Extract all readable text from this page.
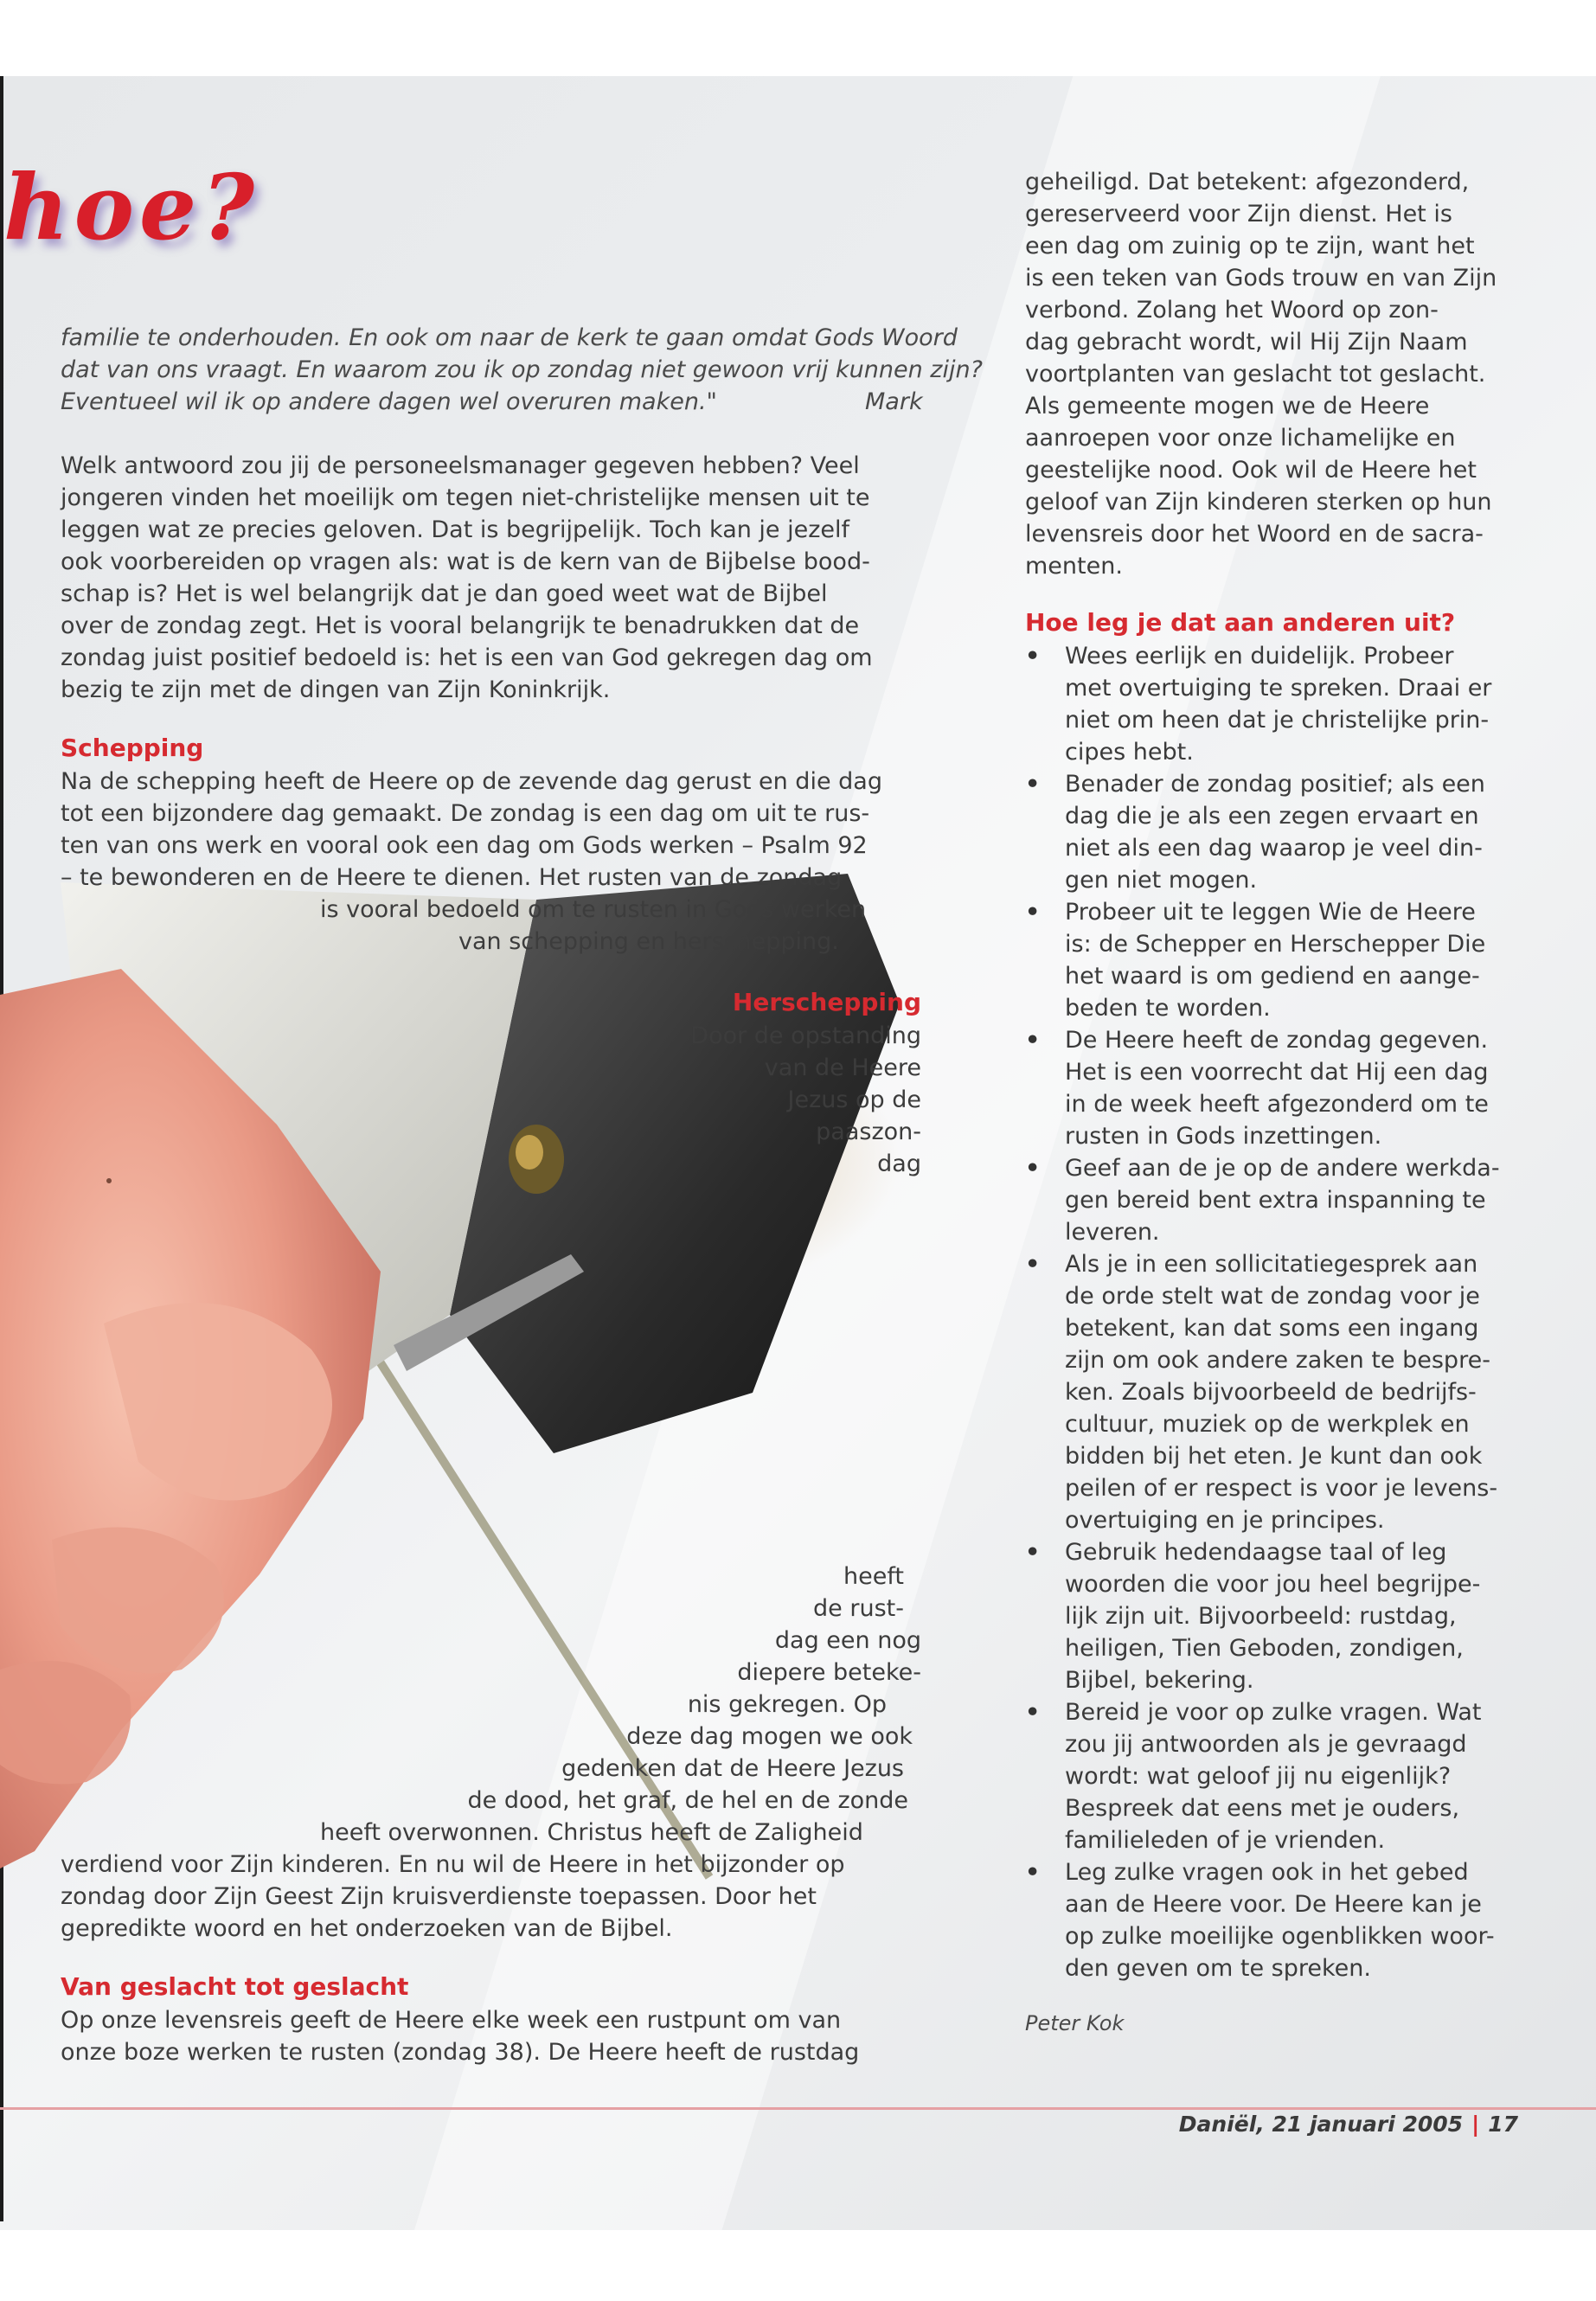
hoe?
familie te onderhouden. En ook om naar de kerk te gaan omdat Gods Woord
dat van ons vraagt. En waarom zou ik op zondag niet gewoon vrij kunnen zijn?
Eventueel wil ik op andere dagen wel overuren maken."	Mark
Welk antwoord zou jij de personeelsmanager gegeven hebben? Veel
jongeren vinden het moeilijk om tegen niet-christelijke mensen uit te
leggen wat ze precies geloven. Dat is begrijpelijk. Toch kan je jezelf
ook voorbereiden op vragen als: wat is de kern van de Bijbelse bood-
schap is? Het is wel belangrijk dat je dan goed weet wat de Bijbel
over de zondag zegt. Het is vooral belangrijk te benadrukken dat de
zondag juist positief bedoeld is: het is een van God gekregen dag om
bezig te zijn met de dingen van Zijn Koninkrijk.
Schepping
Na de schepping heeft de Heere op de zevende dag gerust en die dag
tot een bijzondere dag gemaakt. De zondag is een dag om uit te rus-
ten van ons werk en vooral ook een dag om Gods werken – Psalm 92
– te bewonderen en de Heere te dienen. Het rusten van de zondag
is vooral bedoeld om te rusten in Gods werken
van schepping en herschepping.
Herschepping
Door de opstanding
van de Heere
Jezus op de
paaszon-
dag
heeft
de rust-
dag een nog
diepere beteke-
nis gekregen. Op
deze dag mogen we ook
gedenken dat de Heere Jezus
de dood, het graf, de hel en de zonde
heeft overwonnen. Christus heeft de Zaligheid
verdiend voor Zijn kinderen. En nu wil de Heere in het bijzonder op
zondag door Zijn Geest Zijn kruisverdienste toepassen. Door het
gepredikte woord en het onderzoeken van de Bijbel.
Van geslacht tot geslacht
Op onze levensreis geeft de Heere elke week een rustpunt om van
onze boze werken te rusten (zondag 38). De Heere heeft de rustdag
geheiligd. Dat betekent: afgezonderd,
gereserveerd voor Zijn dienst. Het is
een dag om zuinig op te zijn, want het
is een teken van Gods trouw en van Zijn
verbond. Zolang het Woord op zon-
dag gebracht wordt, wil Hij Zijn Naam
voortplanten van geslacht tot geslacht.
Als gemeente mogen we de Heere
aanroepen voor onze lichamelijke en
geestelijke nood. Ook wil de Heere het
geloof van Zijn kinderen sterken op hun
levensreis door het Woord en de sacra-
menten.
Hoe leg je dat aan anderen uit?
•	Wees eerlijk en duidelijk. Probeer
met overtuiging te spreken. Draai er
niet om heen dat je christelijke prin-
cipes hebt.
•	Benader de zondag positief; als een
dag die je als een zegen ervaart en
niet als een dag waarop je veel din-
gen niet mogen.
•	Probeer uit te leggen Wie de Heere
is: de Schepper en Herschepper Die
het waard is om gediend en aange-
beden te worden.
•	De Heere heeft de zondag gegeven.
Het is een voorrecht dat Hij een dag
in de week heeft afgezonderd om te
rusten in Gods inzettingen.
•	Geef aan de je op de andere werkda-
gen bereid bent extra inspanning te
leveren.
•	Als je in een sollicitatiegesprek aan
de orde stelt wat de zondag voor je
betekent, kan dat soms een ingang
zijn om ook andere zaken te bespre-
ken. Zoals bijvoorbeeld de bedrijfs-
cultuur, muziek op de werkplek en
bidden bij het eten. Je kunt dan ook
peilen of er respect is voor je levens-
overtuiging en je principes.
•	Gebruik hedendaagse taal of leg
woorden die voor jou heel begrijpe-
lijk zijn uit. Bijvoorbeeld: rustdag,
heiligen, Tien Geboden, zondigen,
Bijbel, bekering.
•	Bereid je voor op zulke vragen. Wat
zou jij antwoorden als je gevraagd
wordt: wat geloof jij nu eigenlijk?
Bespreek dat eens met je ouders,
familieleden of je vrienden.
•	Leg zulke vragen ook in het gebed
aan de Heere voor. De Heere kan je
op zulke moeilijke ogenblikken woor-
den geven om te spreken.
Peter Kok
Daniël, 21 januari 2005 | 17
